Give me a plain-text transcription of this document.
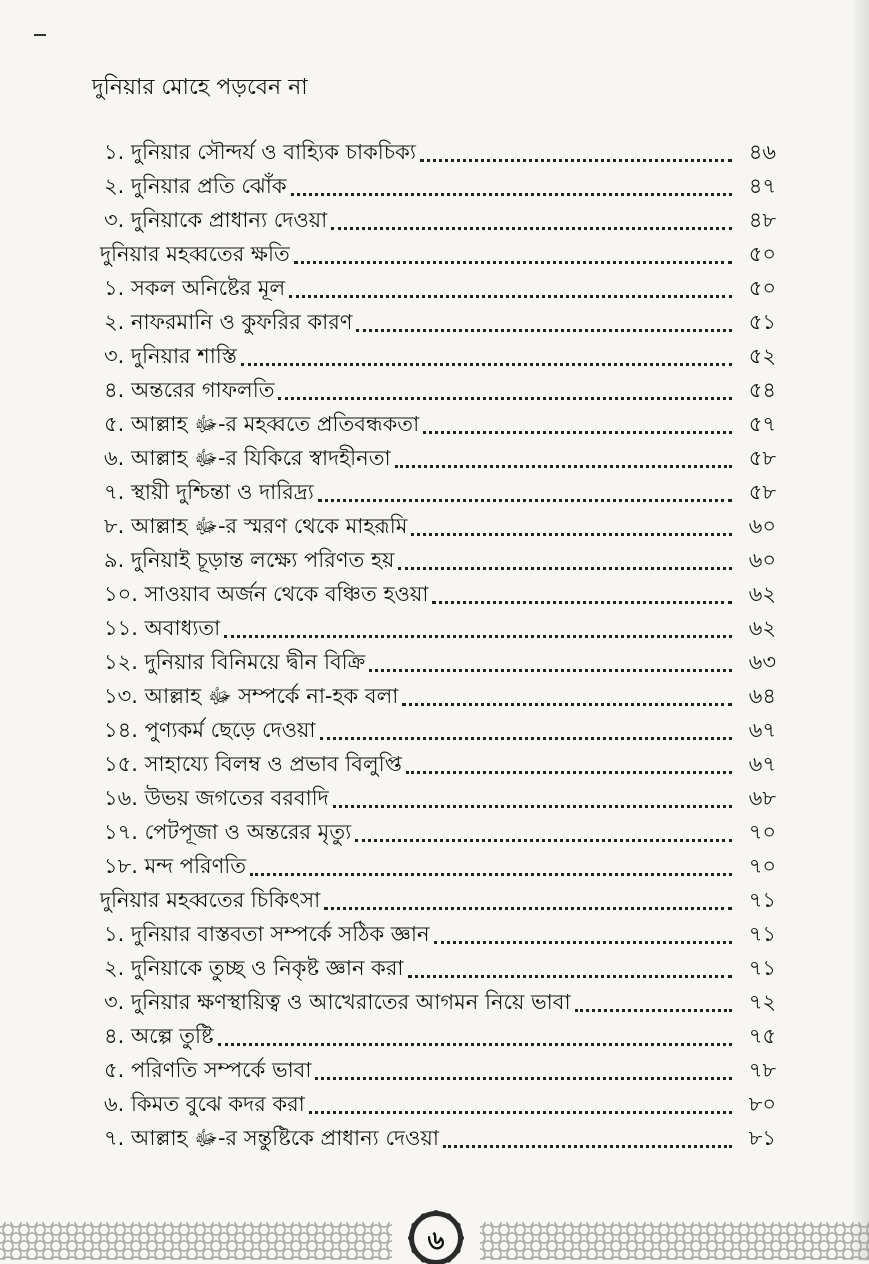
দুনিয়ার মোহে পড়বেন না
১. দুনিয়ার সৌন্দর্য ও বাহ্যিক চাকচিক্য	৪৬
২. দুনিয়ার প্রতি ঝোঁক	৪৭
৩. দুনিয়াকে প্রাধান্য দেওয়া	৪৮
দুনিয়ার মহব্বতের ক্ষতি	৫০
১. সকল অনিষ্টের মূল	৫০
২. নাফরমানি ও কুফরির কারণ	৫১
৩. দুনিয়ার শাস্তি	৫২
৪. অন্তরের গাফলতি	৫৪
৫. আল্লাহ ﷻ-র মহব্বতে প্রতিবন্ধকতা	৫৭
৬. আল্লাহ ﷻ-র যিকিরে স্বাদহীনতা	৫৮
৭. স্থায়ী দুশ্চিন্তা ও দারিদ্র্য	৫৮
৮. আল্লাহ ﷻ-র স্মরণ থেকে মাহরূমি	৬০
৯. দুনিয়াই চূড়ান্ত লক্ষ্যে পরিণত হয়	৬০
১০. সাওয়াব অর্জন থেকে বঞ্চিত হওয়া	৬২
১১. অবাধ্যতা	৬২
১২. দুনিয়ার বিনিময়ে দ্বীন বিক্রি	৬৩
১৩. আল্লাহ ﷻ সম্পর্কে না-হক বলা	৬৪
১৪. পুণ্যকর্ম ছেড়ে দেওয়া	৬৭
১৫. সাহায্যে বিলম্ব ও প্রভাব বিলুপ্তি	৬৭
১৬. উভয় জগতের বরবাদি	৬৮
১৭. পেটপূজা ও অন্তরের মৃত্যু	৭০
১৮. মন্দ পরিণতি	৭০
দুনিয়ার মহব্বতের চিকিৎসা	৭১
১. দুনিয়ার বাস্তবতা সম্পর্কে সঠিক জ্ঞান	৭১
২. দুনিয়াকে তুচ্ছ ও নিকৃষ্ট জ্ঞান করা	৭১
৩. দুনিয়ার ক্ষণস্থায়িত্ব ও আখেরাতের আগমন নিয়ে ভাবা	৭২
৪. অল্পে তুষ্টি	৭৫
৫. পরিণতি সম্পর্কে ভাবা	৭৮
৬. কিমত বুঝে কদর করা	৮০
৭. আল্লাহ ﷻ-র সন্তুষ্টিকে প্রাধান্য দেওয়া	৮১
৬
